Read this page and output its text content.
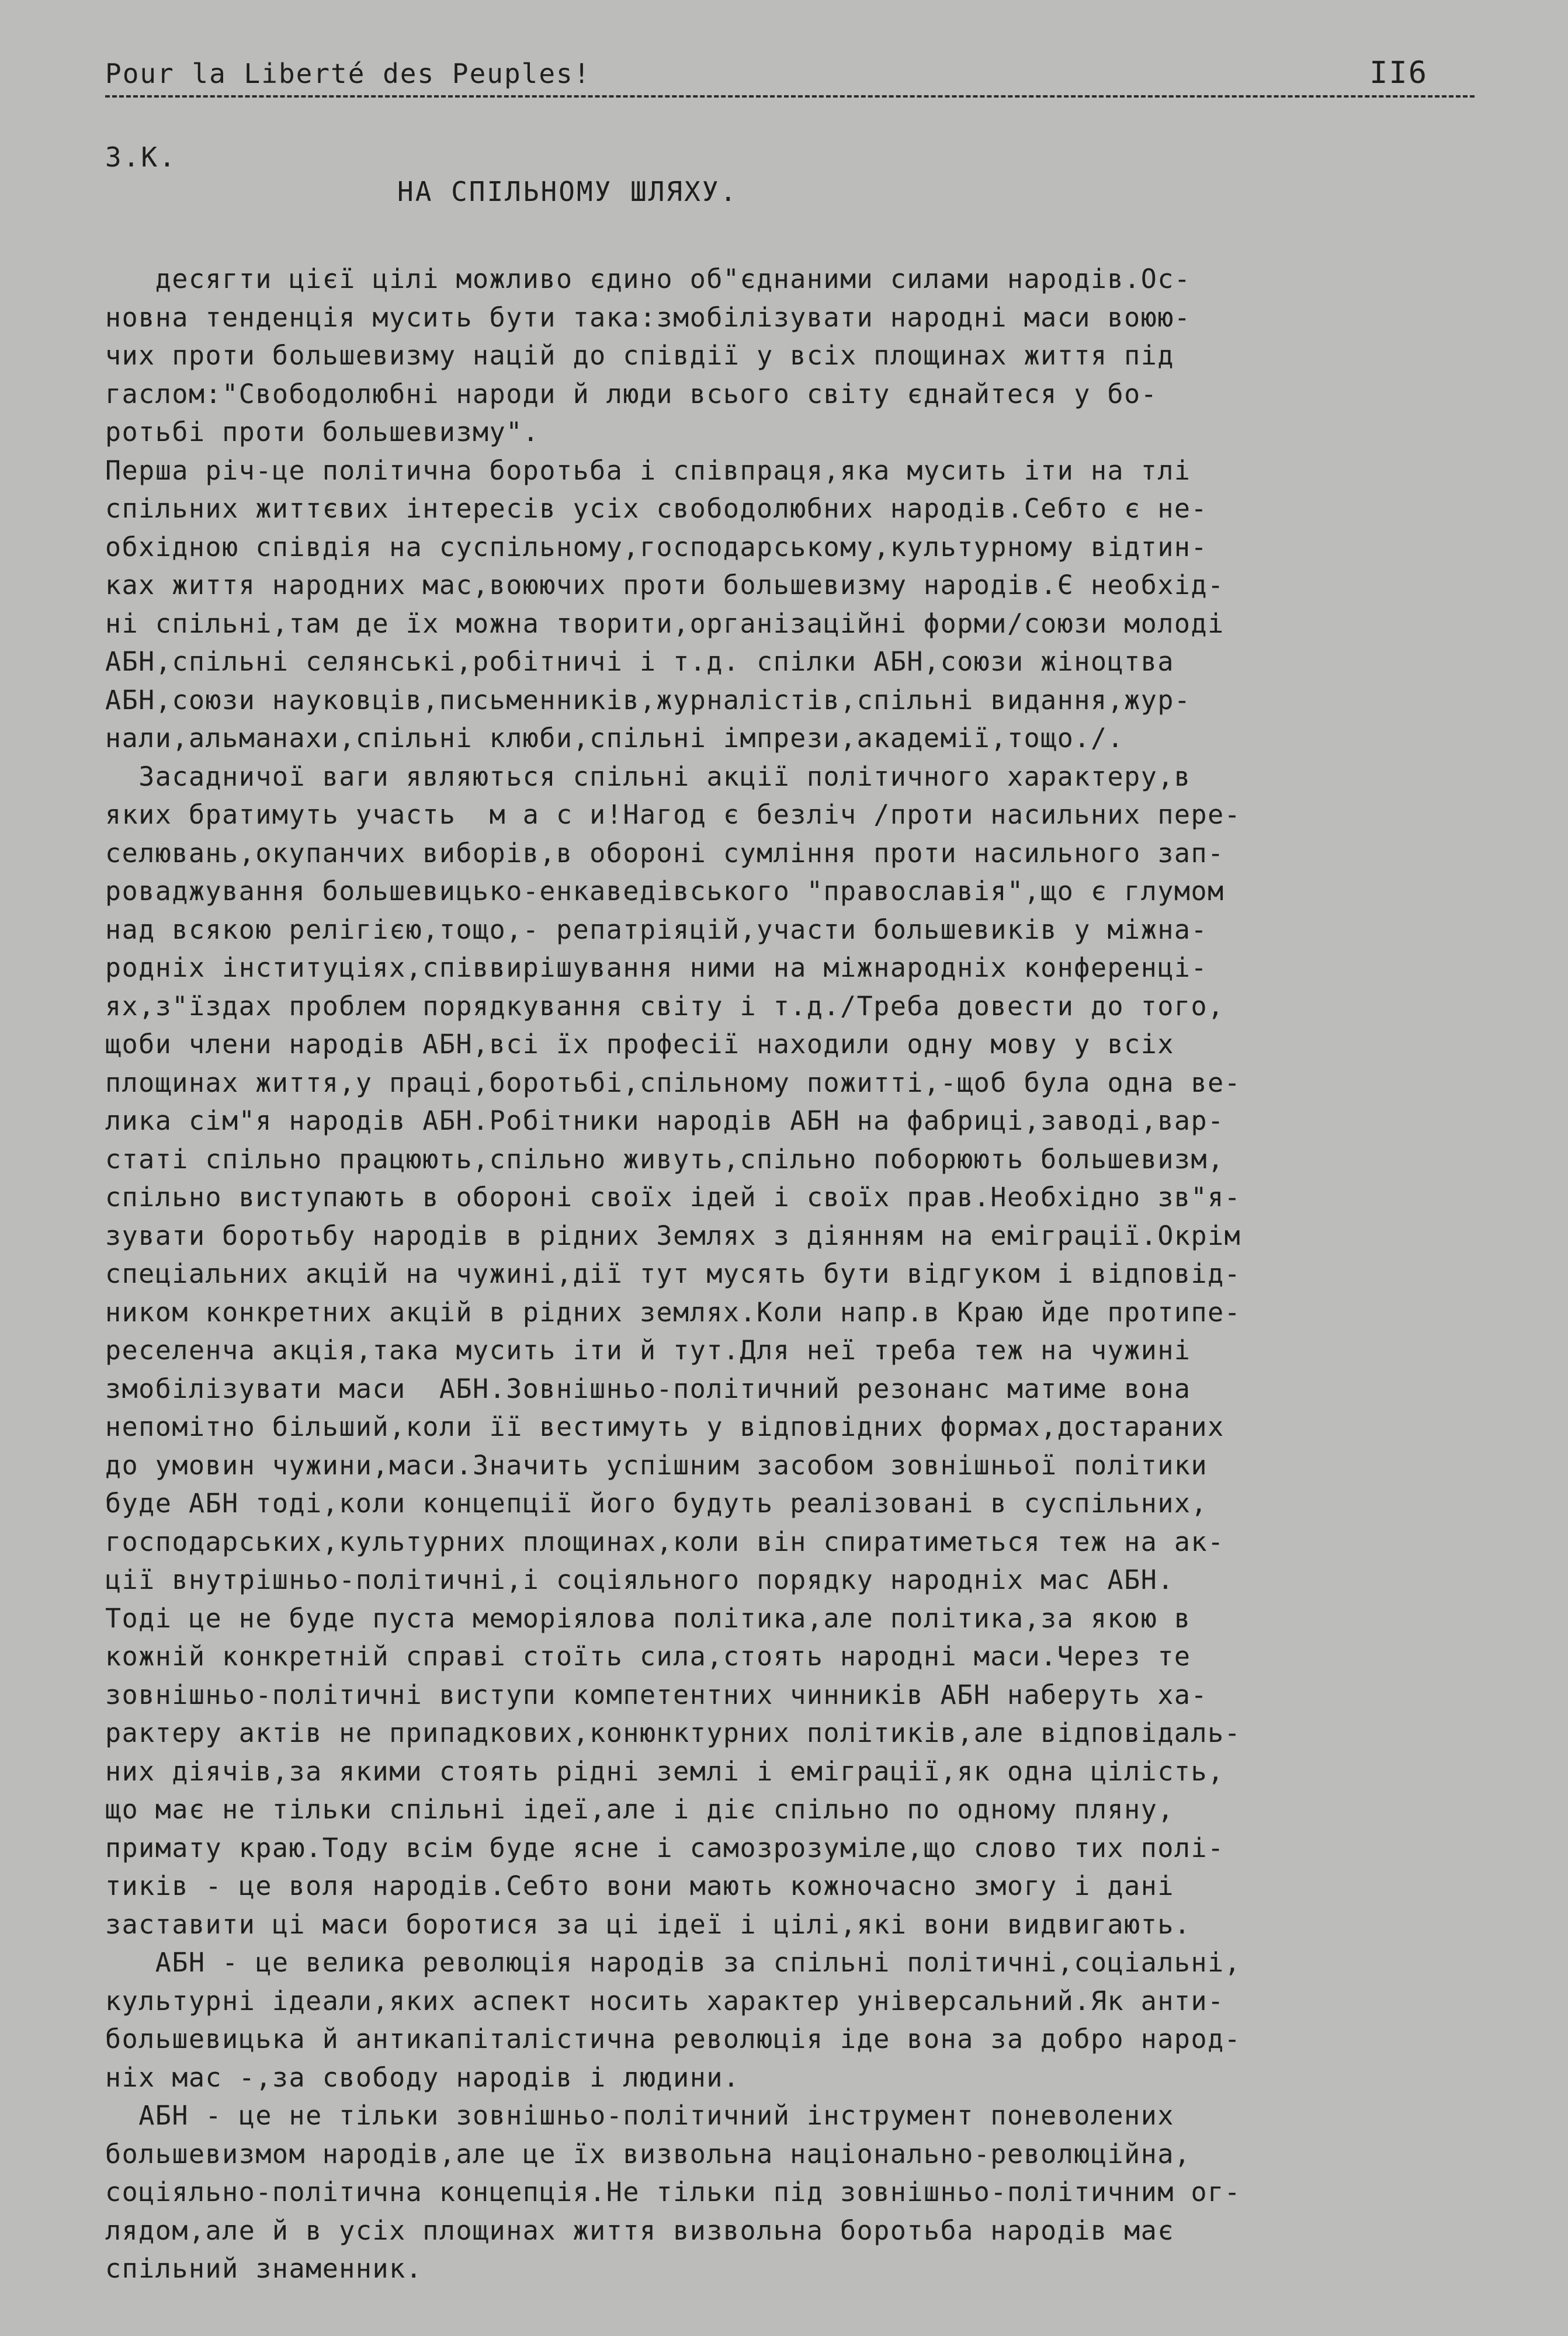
Pour la Liberté des Peuples!	II6
З.К.
НА СПІЛЬНОМУ ШЛЯХУ.

десягти цієї цілі можливо єдино об"єднаними силами народів.Ос-

новна тенденція мусить бути така:змобілізувати народні маси воюю-

чих проти большевизму націй до співдії у всіх площинах життя під

гаслом:"Свободолюбні народи й люди всього світу єднайтеся у бо-

ротьбі проти большевизму".

Перша річ-це політична боротьба і співпраця,яка мусить іти на тлі

спільних життєвих інтересів усіх свободолюбних народів.Себто є не-

обхідною співдія на суспільному,господарському,культурному відтин-

ках життя народних мас,воюючих проти большевизму народів.Є необхід-

ні спільні,там де їх можна творити,організаційні форми/союзи молоді

АБН,спільні селянські,робітничі і т.д. спілки АБН,союзи жіноцтва

АБН,союзи науковців,письменників,журналістів,спільні видання,жур-

нали,альманахи,спільні клюби,спільні імпрези,академії,тощо./.

Засадничої ваги являються спільні акції політичного характеру,в

яких братимуть участь  м а с и!Нагод є безліч /проти насильних пере-

селювань,окупанчих виборів,в обороні сумління проти насильного зап-

роваджування большевицько-енкаведівського "православія",що є глумом

над всякою релігією,тощо,- репатріяцій,участи большевиків у міжна-

родніх інституціях,співвирішування ними на міжнародніх конференці-

ях,з"їздах проблем порядкування світу і т.д./Треба довести до того,

щоби члени народів АБН,всі їх професії находили одну мову у всіх

площинах життя,у праці,боротьбі,спільному пожитті,-щоб була одна ве-

лика сім"я народів АБН.Робітники народів АБН на фабриці,заводі,вар-

статі спільно працюють,спільно живуть,спільно поборюють большевизм,

спільно виступають в обороні своїх ідей і своїх прав.Необхідно зв"я-

зувати боротьбу народів в рідних Землях з діянням на еміграції.Окрім

спеціальних акцій на чужині,дії тут мусять бути відгуком і відповід-

ником конкретних акцій в рідних землях.Коли напр.в Краю йде протипе-

реселенча акція,така мусить іти й тут.Для неї треба теж на чужині

змобілізувати маси  АБН.Зовнішньо-політичний резонанс матиме вона

непомітно більший,коли її вестимуть у відповідних формах,достараних

до умовин чужини,маси.Значить успішним засобом зовнішньої політики

буде АБН тоді,коли концепції його будуть реалізовані в суспільних,

господарських,культурних площинах,коли він спиратиметься теж на ак-

ції внутрішньо-політичні,і соціяльного порядку народніх мас АБН.

Тоді це не буде пуста меморіялова політика,але політика,за якою в

кожній конкретній справі стоїть сила,стоять народні маси.Через те

зовнішньо-політичні виступи компетентних чинників АБН наберуть ха-

рактеру актів не припадкових,конюнктурних політиків,але відповідаль-

них діячів,за якими стоять рідні землі і еміграції,як одна цілість,

що має не тільки спільні ідеї,але і діє спільно по одному пляну,

примату краю.Тоду всім буде ясне і самозрозуміле,що слово тих полі-

тиків - це воля народів.Себто вони мають кожночасно змогу і дані

заставити ці маси боротися за ці ідеї і цілі,які вони видвигають.

АБН - це велика революція народів за спільні політичні,соціальні,

культурні ідеали,яких аспект носить характер універсальний.Як анти-

большевицька й антикапіталістична революція іде вона за добро народ-

ніх мас -,за свободу народів і людини.

АБН - це не тільки зовнішньо-політичний інструмент поневолених

большевизмом народів,але це їх визвольна національно-революційна,

соціяльно-політична концепція.Не тільки під зовнішньо-політичним ог-

лядом,але й в усіх площинах життя визвольна боротьба народів має

спільний знаменник.
